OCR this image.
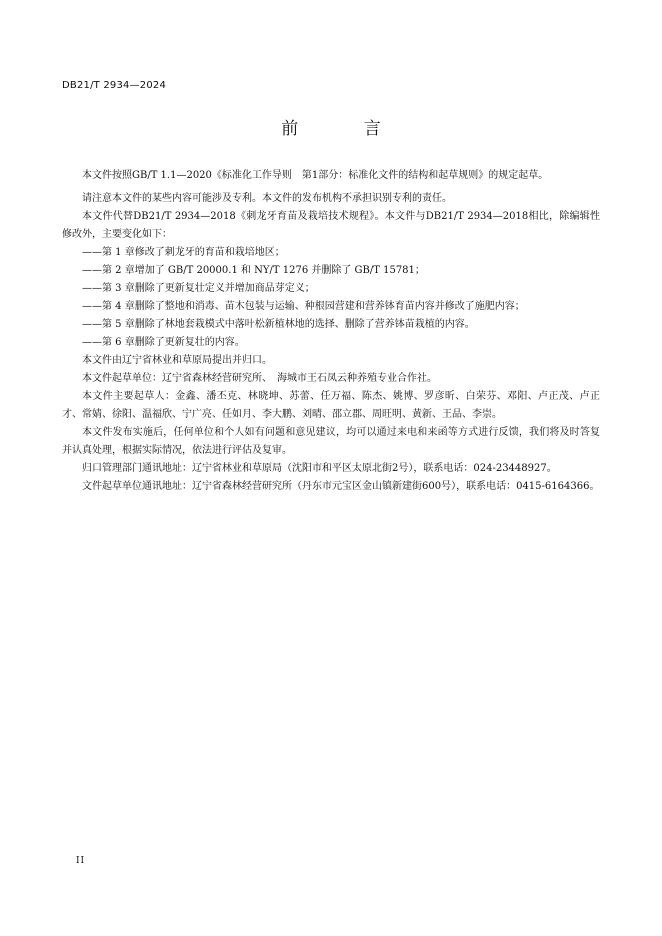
DB21/T 2934—2024
前 言

本文件按照GB/T 1.1—2020《标准化工作导则　第1部分：标准化文件的结构和起草规则》的规定起草。

请注意本文件的某些内容可能涉及专利。本文件的发布机构不承担识别专利的责任。

本文件代替DB21/T 2934—2018《刺龙牙育苗及栽培技术规程》。本文件与DB21/T 2934—2018相比，除编辑性修改外，主要变化如下：

——第 1 章修改了刺龙牙的育苗和栽培地区；

——第 2 章增加了 GB/T 20000.1 和 NY/T 1276 并删除了 GB/T 15781；

——第 3 章删除了更新复壮定义并增加商品芽定义；

——第 4 章删除了整地和消毒、苗木包装与运输、种根园营建和营养钵育苗内容并修改了施肥内容；

——第 5 章删除了林地套栽模式中落叶松新植林地的选择、删除了营养钵苗栽植的内容。

——第 6 章删除了更新复壮的内容。

本文件由辽宁省林业和草原局提出并归口。

本文件起草单位：辽宁省森林经营研究所、　海城市王石凤云种养殖专业合作社。

本文件主要起草人：金鑫、潘丕克、林晓坤、苏蕾、任万福、陈杰、姚博、罗彦昕、白荣芬、邓阳、卢正茂、卢正才、常婧、徐阳、温福欣、宁广亮、任如月、李大鹏、刘晴、邵立郡、周旺明、黄新、王品、李崇。

本文件发布实施后，任何单位和个人如有问题和意见建议，均可以通过来电和来函等方式进行反馈，我们将及时答复并认真处理，根据实际情况，依法进行评估及复审。

归口管理部门通讯地址：辽宁省林业和草原局（沈阳市和平区太原北街2号），联系电话：024-23448927。

文件起草单位通讯地址：辽宁省森林经营研究所（丹东市元宝区金山镇新建街600号），联系电话：0415-6164366。

II
